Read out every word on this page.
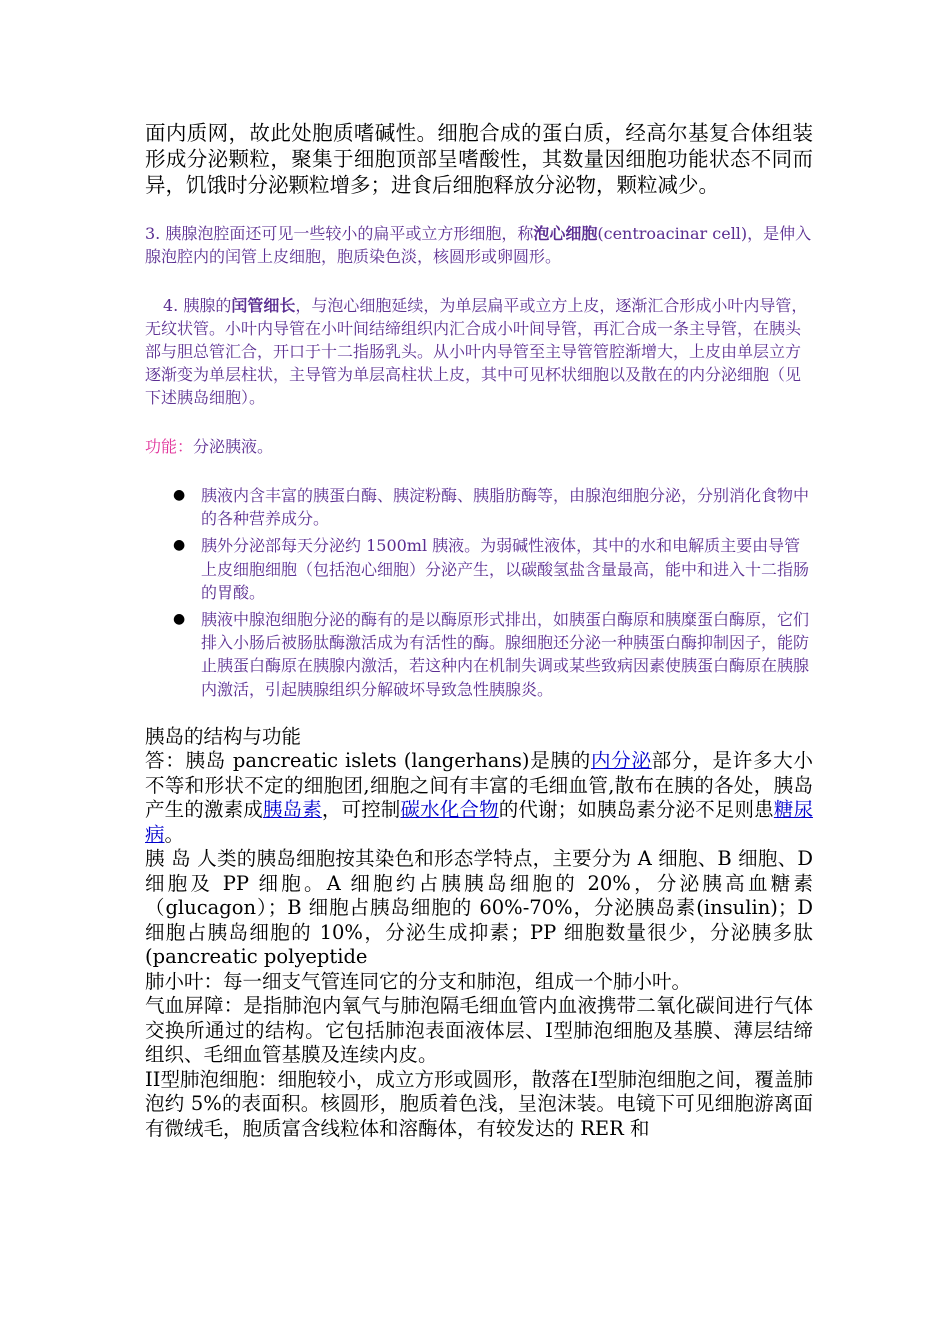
面内质网，故此处胞质嗜碱性。细胞合成的蛋白质，经高尔基复合体组装形成分泌颗粒，聚集于细胞顶部呈嗜酸性，其数量因细胞功能状态不同而异，饥饿时分泌颗粒增多；进食后细胞释放分泌物，颗粒减少。

3. 胰腺泡腔面还可见一些较小的扁平或立方形细胞，称泡心细胞(centroacinar cell)，是伸入腺泡腔内的闰管上皮细胞，胞质染色淡，核圆形或卵圆形。

4. 胰腺的闰管细长，与泡心细胞延续，为单层扁平或立方上皮，逐渐汇合形成小叶内导管，无纹状管。小叶内导管在小叶间结缔组织内汇合成小叶间导管，再汇合成一条主导管，在胰头部与胆总管汇合，开口于十二指肠乳头。从小叶内导管至主导管管腔渐增大，上皮由单层立方逐渐变为单层柱状，主导管为单层高柱状上皮，其中可见杯状细胞以及散在的内分泌细胞（见下述胰岛细胞）。

功能：分泌胰液。

● 胰液内含丰富的胰蛋白酶、胰淀粉酶、胰脂肪酶等，由腺泡细胞分泌，分别消化食物中的各种营养成分。
● 胰外分泌部每天分泌约 1500ml 胰液。为弱碱性液体，其中的水和电解质主要由导管上皮细胞细胞（包括泡心细胞）分泌产生，以碳酸氢盐含量最高，能中和进入十二指肠的胃酸。
● 胰液中腺泡细胞分泌的酶有的是以酶原形式排出，如胰蛋白酶原和胰糜蛋白酶原，它们排入小肠后被肠肽酶激活成为有活性的酶。腺细胞还分泌一种胰蛋白酶抑制因子，能防止胰蛋白酶原在胰腺内激活，若这种内在机制失调或某些致病因素使胰蛋白酶原在胰腺内激活，引起胰腺组织分解破坏导致急性胰腺炎。

胰岛的结构与功能

答：胰岛 pancreatic islets (langerhans)是胰的内分泌部分，是许多大小不等和形状不定的细胞团,细胞之间有丰富的毛细血管,散布在胰的各处，胰岛产生的激素成胰岛素，可控制碳水化合物的代谢；如胰岛素分泌不足则患糖尿病。

胰 岛 人类的胰岛细胞按其染色和形态学特点，主要分为 A 细胞、B 细胞、D 细胞及 PP 细胞。A 细胞约占胰胰岛细胞的 20%，分泌胰高血糖素（glucagon）；B 细胞占胰岛细胞的 60%-70%，分泌胰岛素(insulin)；D 细胞占胰岛细胞的 10%，分泌生成抑素；PP 细胞数量很少，分泌胰多肽(pancreatic polyeptide

肺小叶：每一细支气管连同它的分支和肺泡，组成一个肺小叶。

气血屏障：是指肺泡内氧气与肺泡隔毛细血管内血液携带二氧化碳间进行气体交换所通过的结构。它包括肺泡表面液体层、Ⅰ型肺泡细胞及基膜、薄层结缔组织、毛细血管基膜及连续内皮。

II型肺泡细胞：细胞较小，成立方形或圆形，散落在Ⅰ型肺泡细胞之间，覆盖肺泡约 5%的表面积。核圆形，胞质着色浅，呈泡沫装。电镜下可见细胞游离面有微绒毛，胞质富含线粒体和溶酶体，有较发达的 RER 和
